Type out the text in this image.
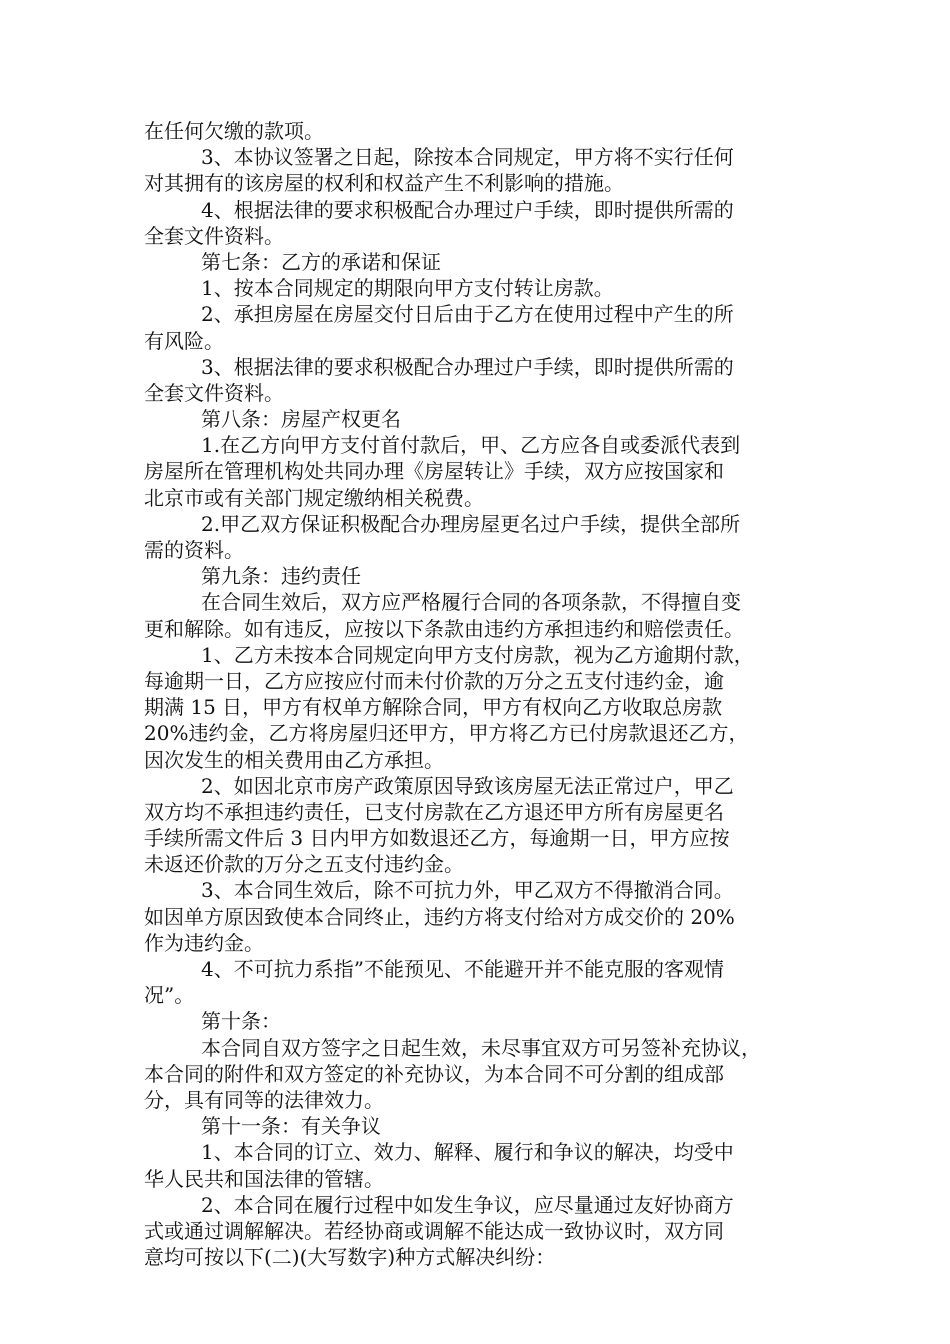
在任何欠缴的款项。
3、本协议签署之日起，除按本合同规定，甲方将不实行任何
对其拥有的该房屋的权利和权益产生不利影响的措施。
4、根据法律的要求积极配合办理过户手续，即时提供所需的
全套文件资料。
第七条：乙方的承诺和保证
1、按本合同规定的期限向甲方支付转让房款。
2、承担房屋在房屋交付日后由于乙方在使用过程中产生的所
有风险。
3、根据法律的要求积极配合办理过户手续，即时提供所需的
全套文件资料。
第八条：房屋产权更名
1.在乙方向甲方支付首付款后，甲、乙方应各自或委派代表到
房屋所在管理机构处共同办理《房屋转让》手续，双方应按国家和
北京市或有关部门规定缴纳相关税费。
2.甲乙双方保证积极配合办理房屋更名过户手续，提供全部所
需的资料。
第九条：违约责任
在合同生效后，双方应严格履行合同的各项条款，不得擅自变
更和解除。如有违反，应按以下条款由违约方承担违约和赔偿责任。
1、乙方未按本合同规定向甲方支付房款，视为乙方逾期付款，
每逾期一日，乙方应按应付而未付价款的万分之五支付违约金，逾
期满 15 日，甲方有权单方解除合同，甲方有权向乙方收取总房款
20%违约金，乙方将房屋归还甲方，甲方将乙方已付房款退还乙方，
因次发生的相关费用由乙方承担。
2、如因北京市房产政策原因导致该房屋无法正常过户，甲乙
双方均不承担违约责任，已支付房款在乙方退还甲方所有房屋更名
手续所需文件后 3 日内甲方如数退还乙方，每逾期一日，甲方应按
未返还价款的万分之五支付违约金。
3、本合同生效后，除不可抗力外，甲乙双方不得撤消合同。
如因单方原因致使本合同终止，违约方将支付给对方成交价的 20%
作为违约金。
4、不可抗力系指”不能预见、不能避开并不能克服的客观情
况”。
第十条：
本合同自双方签字之日起生效，未尽事宜双方可另签补充协议，
本合同的附件和双方签定的补充协议，为本合同不可分割的组成部
分，具有同等的法律效力。
第十一条：有关争议
1、本合同的订立、效力、解释、履行和争议的解决，均受中
华人民共和国法律的管辖。
2、本合同在履行过程中如发生争议，应尽量通过友好协商方
式或通过调解解决。若经协商或调解不能达成一致协议时，双方同
意均可按以下(二)(大写数字)种方式解决纠纷：
